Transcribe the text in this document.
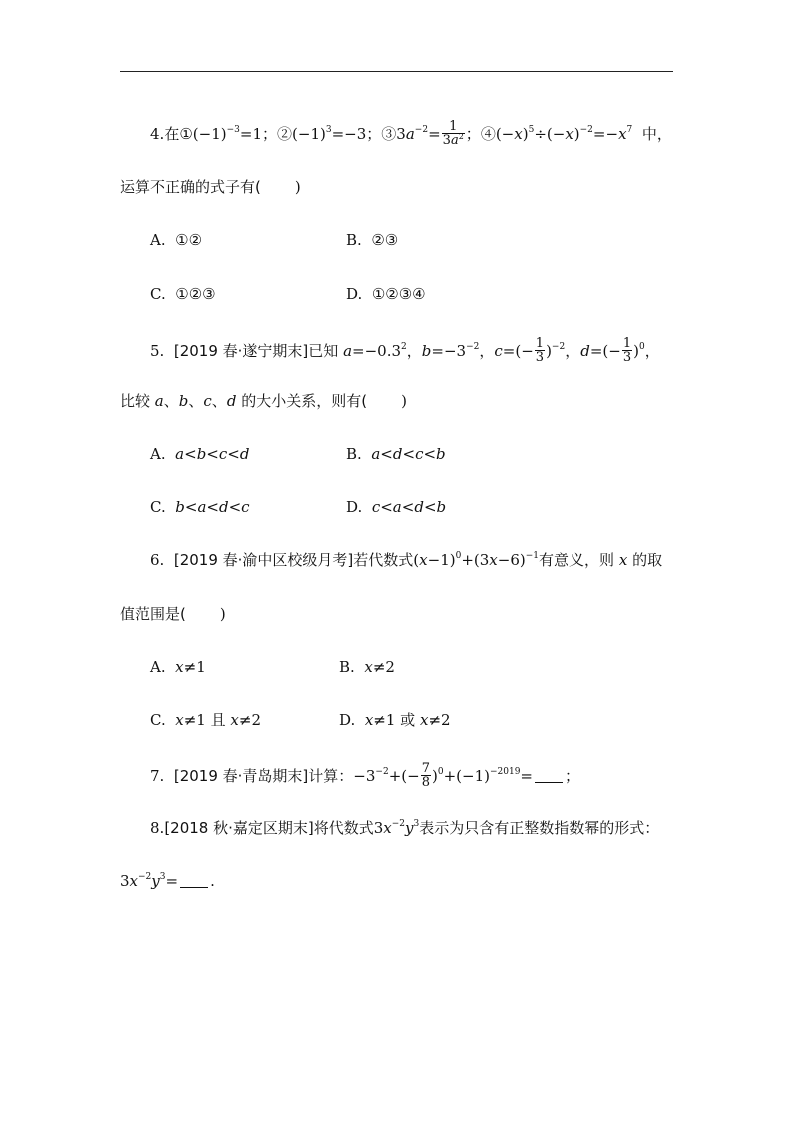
4.在$①(-1)^{-3}=1$；$②(-1)^3=-3$；$③3a^{-2}= \frac{1}{3a^2}$ ；$④(-x)^5\div(-x)^{-2}=-x^7$ 中，
运算不正确的式子有( )
A. ①②	B. ②③
C. ①②③	D. ①②③④
5. [2019 春·遂宁期末]已知 $a=-0.3^2$，$b=-3^{-2}$，$c=(- \frac{1}{3} )^{-2}$，$d=(- \frac{1}{3} )^0$，
比较 a、b、c、d 的大小关系，则有( )
A. a<b<c<d	B. a<d<c<b
C. b<a<d<c	D. c<a<d<b
6. [2019 春·渝中区校级月考]若代数式$(x-1)^0+(3x-6)^{-1}$有意义，则 x 的取
值范围是( )
A. x≠1	B. x≠2
C. x≠1 且 x≠2	D. x≠1 或 x≠2
7. [2019 春·青岛期末]计算：$-3^{-2}+(- \frac{7}{8} )^0+(-1)^{-2019}=$ ；
8.[2018 秋·嘉定区期末]将代数式$3x^{-2}y^3$表示为只含有正整数指数幂的形式：
$3x^{-2}y^3=$ .
